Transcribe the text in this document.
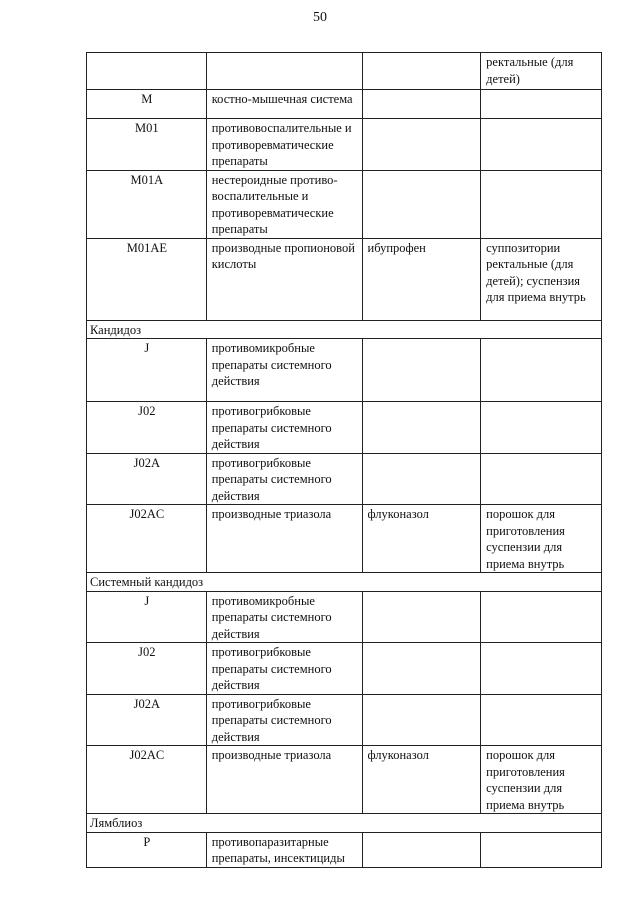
50
			ректальные (для детей)
M	костно-мышечная система		
M01	противовоспалительные и противоревматические препараты		
M01A	нестероидные противо-воспалительные и противоревматические препараты		
M01AE	производные пропионовой кислоты	ибупрофен	суппозитории ректальные (для детей); суспензия для приема внутрь
Кандидоз			
J	противомикробные препараты системного действия		
J02	противогрибковые препараты системного действия		
J02A	противогрибковые препараты системного действия		
J02AC	производные триазола	флуконазол	порошок для приготовления суспензии для приема внутрь
Системный кандидоз			
J	противомикробные препараты системного действия		
J02	противогрибковые препараты системного действия		
J02A	противогрибковые препараты системного действия		
J02AC	производные триазола	флуконазол	порошок для приготовления суспензии для приема внутрь
Лямблиоз			
P	противопаразитарные препараты, инсектициды		
